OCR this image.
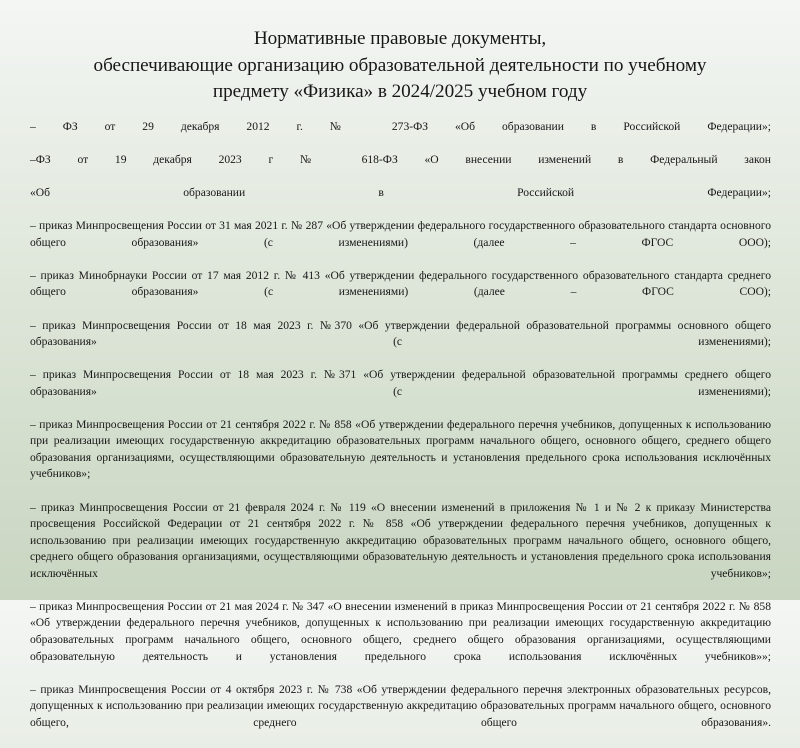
Нормативные правовые документы,
обеспечивающие организацию образовательной деятельности по учебному
предмету «Физика» в 2024/2025 учебном году

– ФЗ от 29 декабря 2012 г. № 273-ФЗ «Об образовании в Российской Федерации»;

–ФЗ от 19 декабря 2023 г № 618-ФЗ «О внесении изменений в Федеральный закон

«Об образовании в Российской Федерации»;

– приказ Минпросвещения России от 31 мая 2021 г. № 287 «Об утверждении федерального государственного образовательного стандарта основного общего образования» (с изменениями) (далее – ФГОС ООО);

– приказ Минобрнауки России от 17 мая 2012 г. № 413 «Об утверждении федерального государственного образовательного стандарта среднего общего образования» (с изменениями) (далее – ФГОС СОО);

– приказ Минпросвещения России от 18 мая 2023 г. №370 «Об утверждении федеральной образовательной программы основного общего образования» (с изменениями);

– приказ Минпросвещения России от 18 мая 2023 г. №371 «Об утверждении федеральной образовательной программы среднего общего образования» (с изменениями);

– приказ Минпросвещения России от 21 сентября 2022 г. № 858 «Об утверждении федерального перечня учебников, допущенных к использованию при реализации имеющих государственную аккредитацию образовательных программ начального общего, основного общего, среднего общего образования организациями, осуществляющими образовательную деятельность и установления предельного срока использования исключённых учебников»;

– приказ Минпросвещения России от 21 февраля 2024 г. № 119 «О внесении изменений в приложения № 1 и № 2 к приказу Министерства просвещения Российской Федерации от 21 сентября 2022 г. № 858 «Об утверждении федерального перечня учебников, допущенных к использованию при реализации имеющих государственную аккредитацию образовательных программ начального общего, основного общего, среднего общего образования организациями, осуществляющими образовательную деятельность и установления предельного срока использования исключённых учебников»;

– приказ Минпросвещения России от 21 мая 2024 г. № 347 «О внесении изменений в приказ Минпросвещения России от 21 сентября 2022 г. № 858 «Об утверждении федерального перечня учебников, допущенных к использованию при реализации имеющих государственную аккредитацию образовательных программ начального общего, основного общего, среднего общего образования организациями, осуществляющими образовательную деятельность и установления предельного срока использования исключённых учебников»»;

– приказ Минпросвещения России от 4 октября 2023 г. № 738 «Об утверждении федерального перечня электронных образовательных ресурсов, допущенных к использованию при реализации имеющих государственную аккредитацию образовательных программ начального общего, основного общего, среднего общего образования».
